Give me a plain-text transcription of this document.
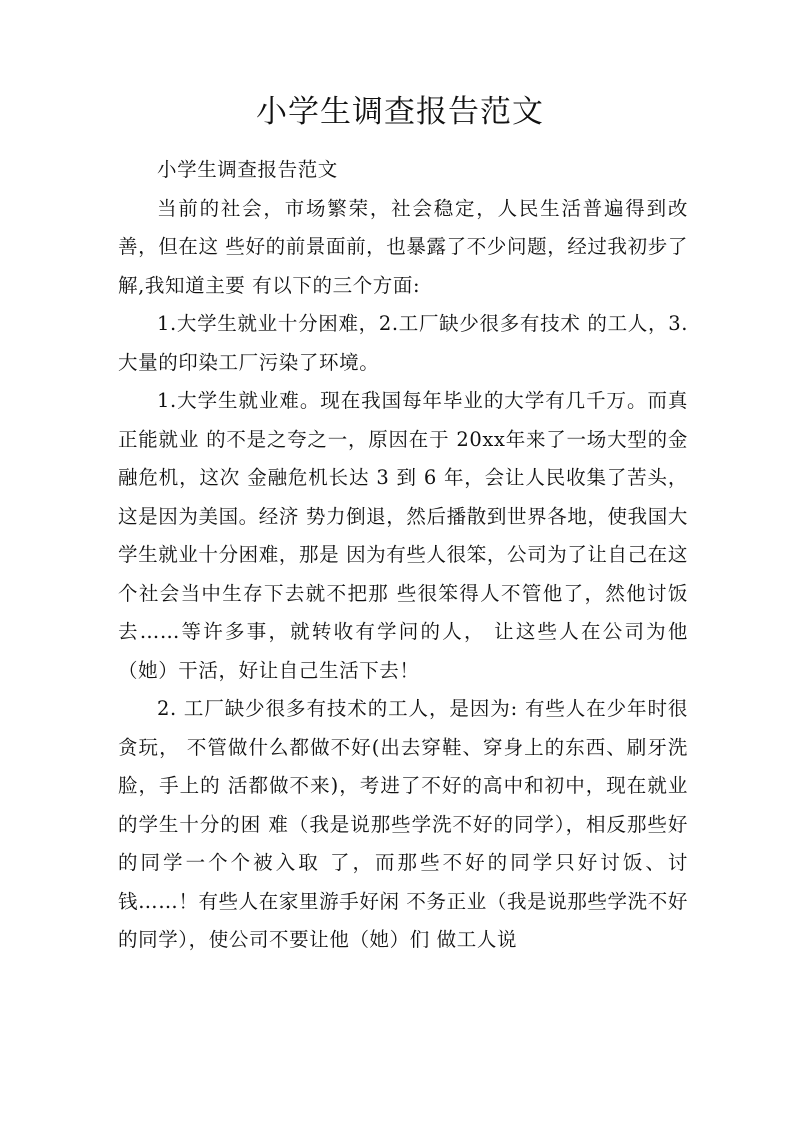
小学生调查报告范文

小学生调查报告范文

当前的社会，市场繁荣，社会稳定，人民生活普遍得到改善，但在这 些好的前景面前，也暴露了不少问题，经过我初步了解,我知道主要 有以下的三个方面:

1.大学生就业十分困难，2.工厂缺少很多有技术 的工人，3.大量的印染工厂污染了环境。

1.大学生就业难。现在我国每年毕业的大学有几千万。而真正能就业 的不是之夸之一，原因在于 20xx年来了一场大型的金融危机，这次 金融危机长达 3 到 6 年，会让人民收集了苦头，这是因为美国。经济 势力倒退，然后播散到世界各地，使我国大学生就业十分困难，那是 因为有些人很笨，公司为了让自己在这个社会当中生存下去就不把那 些很笨得人不管他了，然他讨饭去……等许多事，就转收有学问的人， 让这些人在公司为他（她）干活，好让自己生活下去！

2. 工厂缺少很多有技术的工人，是因为: 有些人在少年时很贪玩， 不管做什么都做不好(出去穿鞋、穿身上的东西、刷牙洗脸，手上的 活都做不来)，考进了不好的高中和初中，现在就业的学生十分的困 难（我是说那些学洗不好的同学），相反那些好的同学一个个被入取 了，而那些不好的同学只好讨饭、讨钱……！有些人在家里游手好闲 不务正业（我是说那些学洗不好的同学），使公司不要让他（她）们 做工人说
